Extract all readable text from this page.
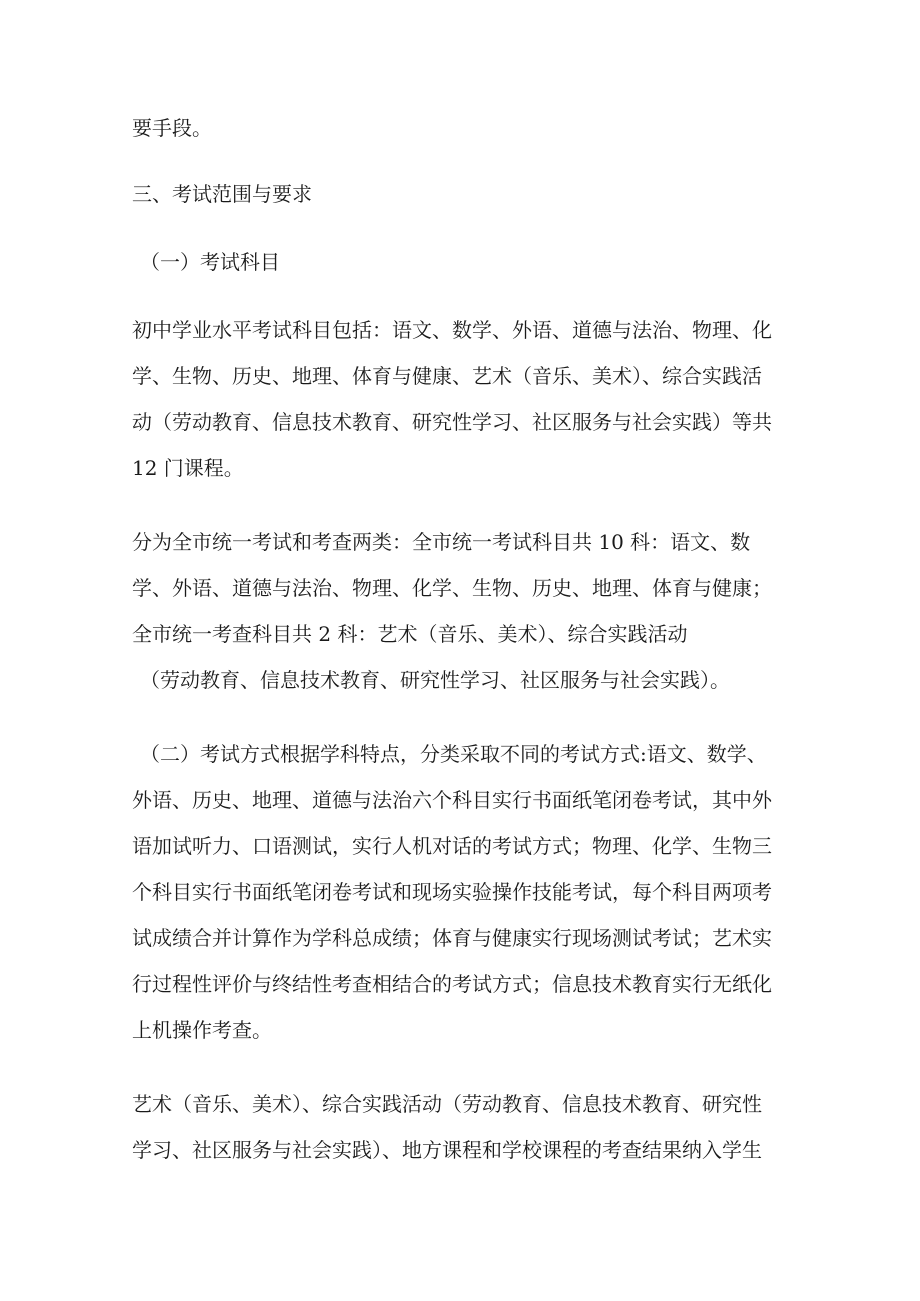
要手段。
三、考试范围与要求
（一）考试科目
初中学业水平考试科目包括：语文、数学、外语、道德与法治、物理、化
学、生物、历史、地理、体育与健康、艺术（音乐、美术）、综合实践活
动（劳动教育、信息技术教育、研究性学习、社区服务与社会实践）等共
12 门课程。
分为全市统一考试和考查两类：全市统一考试科目共 10 科：语文、数
学、外语、道德与法治、物理、化学、生物、历史、地理、体育与健康；
全市统一考查科目共 2 科：艺术（音乐、美术）、综合实践活动
（劳动教育、信息技术教育、研究性学习、社区服务与社会实践）。
（二）考试方式根据学科特点，分类采取不同的考试方式:语文、数学、
外语、历史、地理、道德与法治六个科目实行书面纸笔闭卷考试，其中外
语加试听力、口语测试，实行人机对话的考试方式；物理、化学、生物三
个科目实行书面纸笔闭卷考试和现场实验操作技能考试，每个科目两项考
试成绩合并计算作为学科总成绩；体育与健康实行现场测试考试；艺术实
行过程性评价与终结性考查相结合的考试方式；信息技术教育实行无纸化
上机操作考查。
艺术（音乐、美术）、综合实践活动（劳动教育、信息技术教育、研究性
学习、社区服务与社会实践）、地方课程和学校课程的考查结果纳入学生
